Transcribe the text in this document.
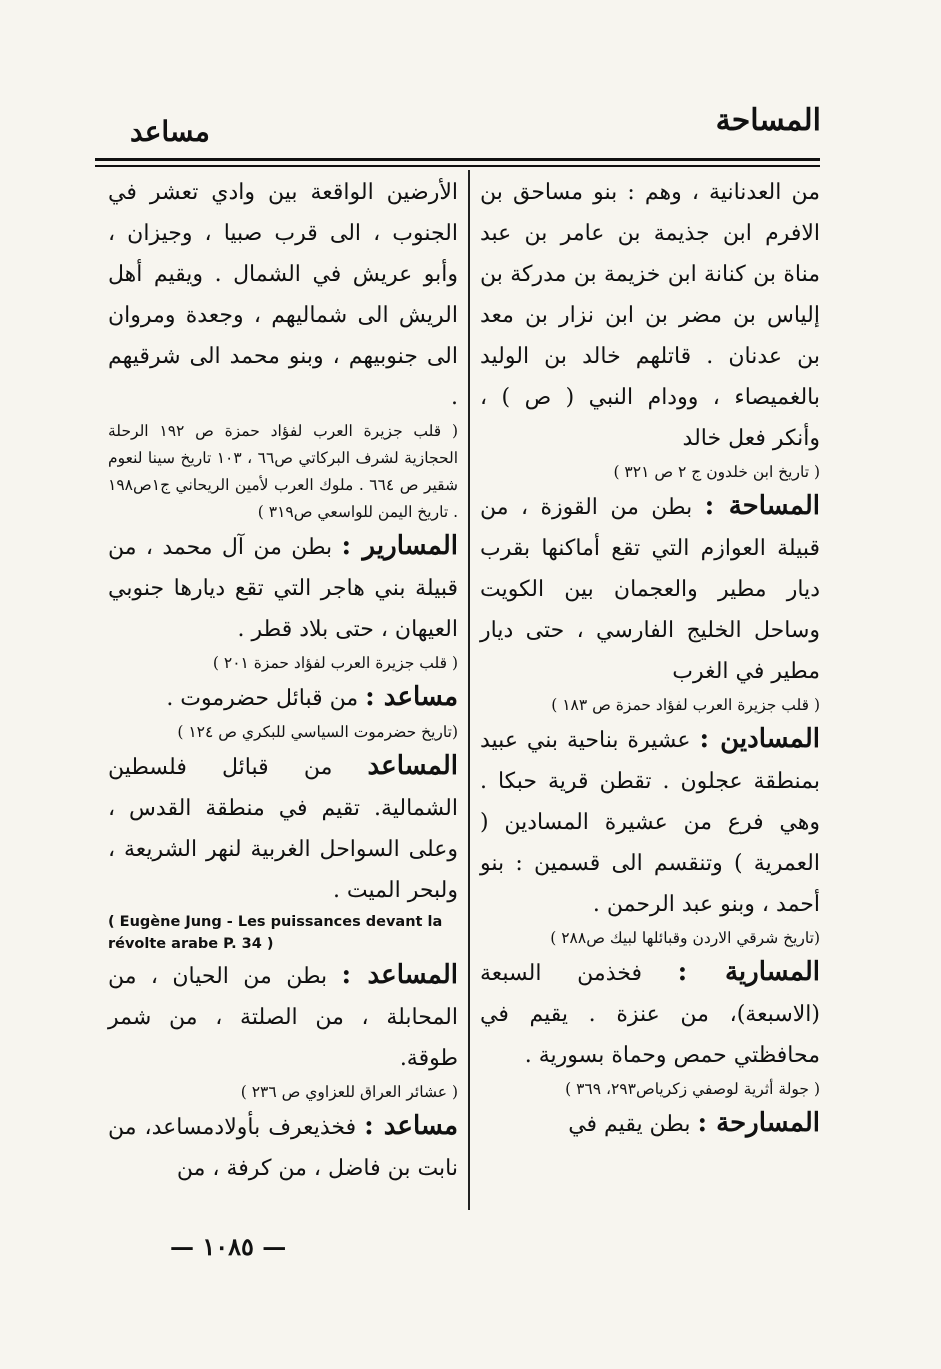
المساحة
مساعد

من العدنانية ، وهم : بنو مساحق بن الافرم ابن جذيمة بن عامر بن عبد مناة بن كنانة ابن خزيمة بن مدركة بن إلياس بن مضر بن ابن نزار بن معد بن عدنان . قاتلهم خالد بن الوليد بالغميصاء ، وودام النبي ( ص ) ، وأنكر فعل خالد

( تاريخ ابن خلدون ج ٢ ص ٣٢١ )

المساحة : بطن من القوزة ، من قبيلة العوازم التي تقع أماكنها بقرب ديار مطير والعجمان بين الكويت وساحل الخليج الفارسي ، حتى ديار مطير في الغرب

( قلب جزيرة العرب لفؤاد حمزة ص ١٨٣ )

المسادين : عشيرة بناحية بني عبيد بمنطقة عجلون . تقطن قرية حبكا . وهي فرع من عشيرة المسادين ( العمرية ) وتنقسم الى قسمين : بنو أحمد ، وبنو عبد الرحمن .

(تاريخ شرقي الاردن وقبائلها لبيك ص٢٨٨ )

المسارية : فخذمن السبعة (الاسبعة)، من عنزة . يقيم في محافظتي حمص وحماة بسورية .

( جولة أثرية لوصفي زكرياص٢٩٣، ٣٦٩ )

المسارحة : بطن يقيم في

الأرضين الواقعة بين وادي تعشر في الجنوب ، الى قرب صبيا ، وجيزان ، وأبو عريش في الشمال . ويقيم أهل الريش الى شماليهم ، وجعدة ومروان الى جنوبيهم ، وبنو محمد الى شرقيهم .

( قلب جزيرة العرب لفؤاد حمزة ص ١٩٢ الرحلة الحجازية لشرف البركاتي ص٦٦ ، ١٠٣ تاريخ سينا لنعوم شقير ص ٦٦٤ . ملوك العرب لأمين الريحاني ج١ص١٩٨ . تاريخ اليمن للواسعي ص٣١٩ )

المسارير : بطن من آل محمد ، من قبيلة بني هاجر التي تقع ديارها جنوبي العيهان ، حتى بلاد قطر .

( قلب جزيرة العرب لفؤاد حمزة ٢٠١ )

مساعد : من قبائل حضرموت .

(تاريخ حضرموت السياسي للبكري ص ١٢٤ )

المساعد من قبائل فلسطين الشمالية. تقيم في منطقة القدس ، وعلى السواحل الغربية لنهر الشريعة ، ولبحر الميت .

( Eugène Jung - Les puissances devant la révolte arabe P. 34 )

المساعد : بطن من الحيان ، من المحابلة ، من الصلتة ، من شمر طوقة.

( عشائر العراق للعزاوي ص ٢٣٦ )

مساعد : فخذيعرف بأولادمساعد، من نابت بن فاضل ، من كرفة ، من

— ١٠٨٥ —
